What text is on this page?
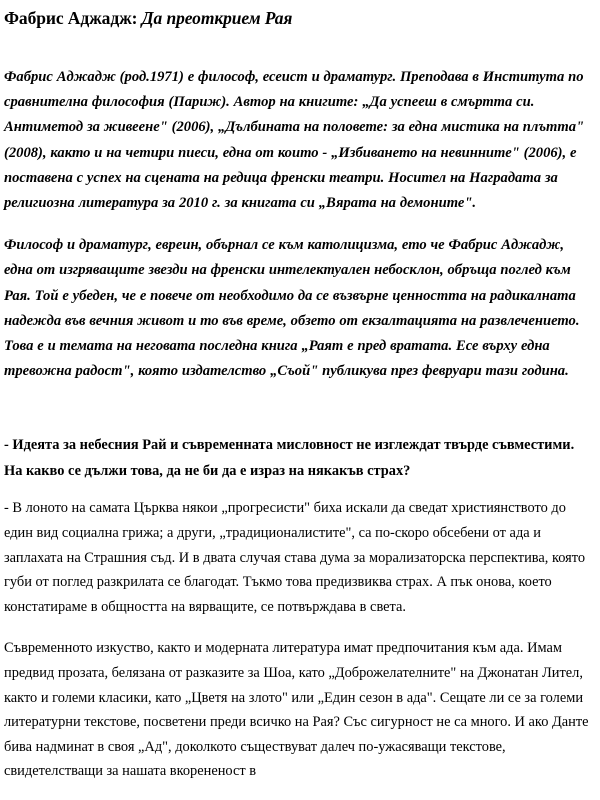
Фабрис Аджадж: Да преоткрием Рая

Фабрис Аджадж (род.1971) е философ, есеист и драматург. Преподава в Института по сравнителна философия (Париж). Автор на книгите: „Да успееш в смъртта си. Антиметод за живеене" (2006), „Дълбината на половете: за една мистика на плътта" (2008), както и на четири пиеси, една от които - „Избиването на невинните" (2006), е поставена с успех на сцената на редица френски театри. Носител на Наградата за религиозна литература за 2010 г. за книгата си „Вярата на демоните".

Философ и драматург, евреин, обърнал се към католицизма, ето че Фабрис Аджадж, една от изгряващите звезди на френски интелектуален небосклон, обръща поглед към Рая. Той е убеден, че е повече от необходимо да се възвърне ценността на радикалната надежда във вечния живот и то във време, обзето от екзалтацията на развлечението. Това е и темата на неговата последна книга „Раят е пред вратата. Есе върху една тревожна радост", която издателство „Съой" публикува през февруари тази година.

- Идеята за небесния Рай и съвременната мисловност не изглеждат твърде съвместими. На какво се дължи това, да не би да е израз на някакъв страх?

- В лоното на самата Църква някои „прогресисти" биха искали да сведат християнството до един вид социална грижа; а други, „традиционалистите", са по-скоро обсебени от ада и заплахата на Страшния съд. И в двата случая става дума за морализаторска перспектива, която губи от поглед разкрилата се благодат. Тъкмо това предизвиква страх. А пък онова, което констатираме в общността на вярващите, се потвърждава в света.

Съвременното изкуство, както и модерната литература имат предпочитания към ада. Имам предвид прозата, белязана от разказите за Шоа, като „Доброжелателните" на Джонатан Лител, както и големи класики, като „Цветя на злото" или „Един сезон в ада". Сещате ли се за големи литературни текстове, посветени преди всичко на Рая? Със сигурност не са много. И ако Данте бива надминат в своя „Ад", доколкото съществуват далеч по-ужасяващи текстове, свидетелстващи за нашата вкорененост в
